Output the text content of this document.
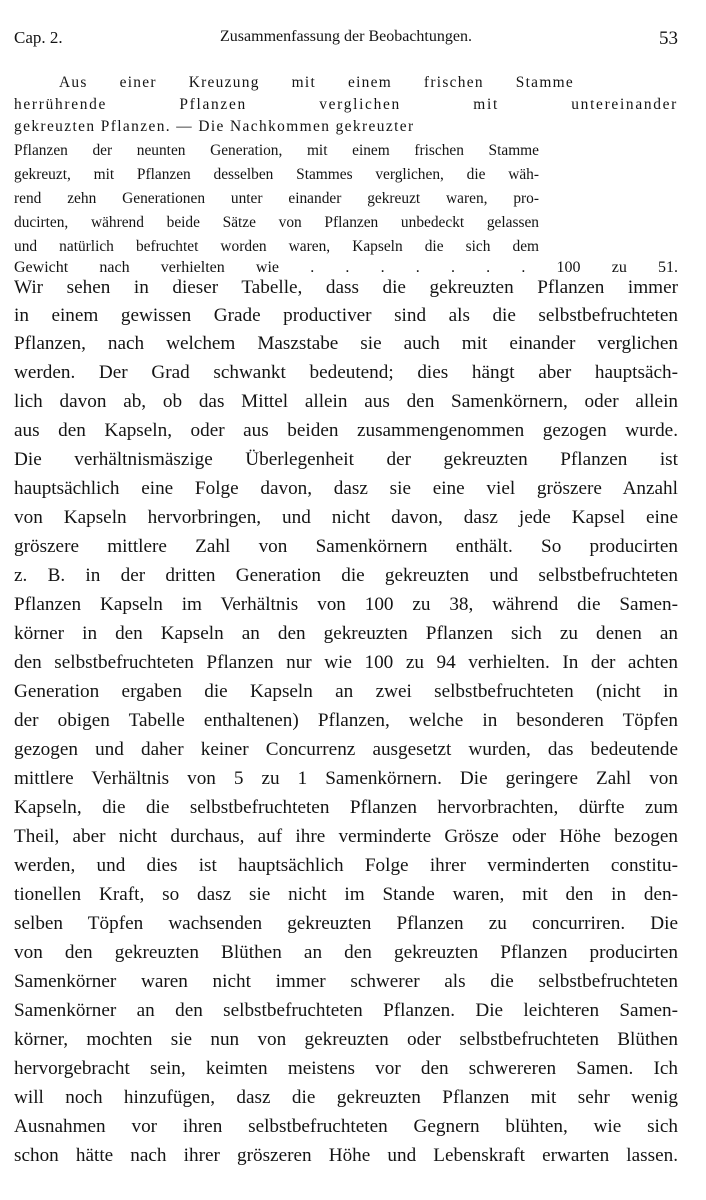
Cap. 2.	Zusammenfassung der Beobachtungen.	53
Aus einer Kreuzung mit einem frischen Stamme
herrührende Pflanzen verglichen mit untereinander
gekreuzten Pflanzen. — Die Nachkommen gekreuzter
Pflanzen der neunten Generation, mit einem frischen Stamme
gekreuzt, mit Pflanzen desselben Stammes verglichen, die wäh-
rend zehn Generationen unter einander gekreuzt waren, pro-
ducirten, während beide Sätze von Pflanzen unbedeckt gelassen
und natürlich befruchtet worden waren, Kapseln die sich dem
Gewicht nach verhielten wie . . . . . . . 100 zu 51.
Wir sehen in dieser Tabelle, dass die gekreuzten Pflanzen immer
in einem gewissen Grade productiver sind als die selbstbefruchteten
Pflanzen, nach welchem Maszstabe sie auch mit einander verglichen
werden. Der Grad schwankt bedeutend; dies hängt aber hauptsäch-
lich davon ab, ob das Mittel allein aus den Samenkörnern, oder allein
aus den Kapseln, oder aus beiden zusammengenommen gezogen wurde.
Die verhältnismäszige Überlegenheit der gekreuzten Pflanzen ist
hauptsächlich eine Folge davon, dasz sie eine viel gröszere Anzahl
von Kapseln hervorbringen, und nicht davon, dasz jede Kapsel eine
gröszere mittlere Zahl von Samenkörnern enthält. So producirten
z. B. in der dritten Generation die gekreuzten und selbstbefruchteten
Pflanzen Kapseln im Verhältnis von 100 zu 38, während die Samen-
körner in den Kapseln an den gekreuzten Pflanzen sich zu denen an
den selbstbefruchteten Pflanzen nur wie 100 zu 94 verhielten. In der achten
Generation ergaben die Kapseln an zwei selbstbefruchteten (nicht in
der obigen Tabelle enthaltenen) Pflanzen, welche in besonderen Töpfen
gezogen und daher keiner Concurrenz ausgesetzt wurden, das bedeutende
mittlere Verhältnis von 5 zu 1 Samenkörnern. Die geringere Zahl von
Kapseln, die die selbstbefruchteten Pflanzen hervorbrachten, dürfte zum
Theil, aber nicht durchaus, auf ihre verminderte Grösze oder Höhe bezogen
werden, und dies ist hauptsächlich Folge ihrer verminderten constitu-
tionellen Kraft, so dasz sie nicht im Stande waren, mit den in den-
selben Töpfen wachsenden gekreuzten Pflanzen zu concurriren. Die
von den gekreuzten Blüthen an den gekreuzten Pflanzen producirten
Samenkörner waren nicht immer schwerer als die selbstbefruchteten
Samenkörner an den selbstbefruchteten Pflanzen. Die leichteren Samen-
körner, mochten sie nun von gekreuzten oder selbstbefruchteten Blüthen
hervorgebracht sein, keimten meistens vor den schwereren Samen. Ich
will noch hinzufügen, dasz die gekreuzten Pflanzen mit sehr wenig
Ausnahmen vor ihren selbstbefruchteten Gegnern blühten, wie sich
schon hätte nach ihrer gröszeren Höhe und Lebenskraft erwarten lassen.
